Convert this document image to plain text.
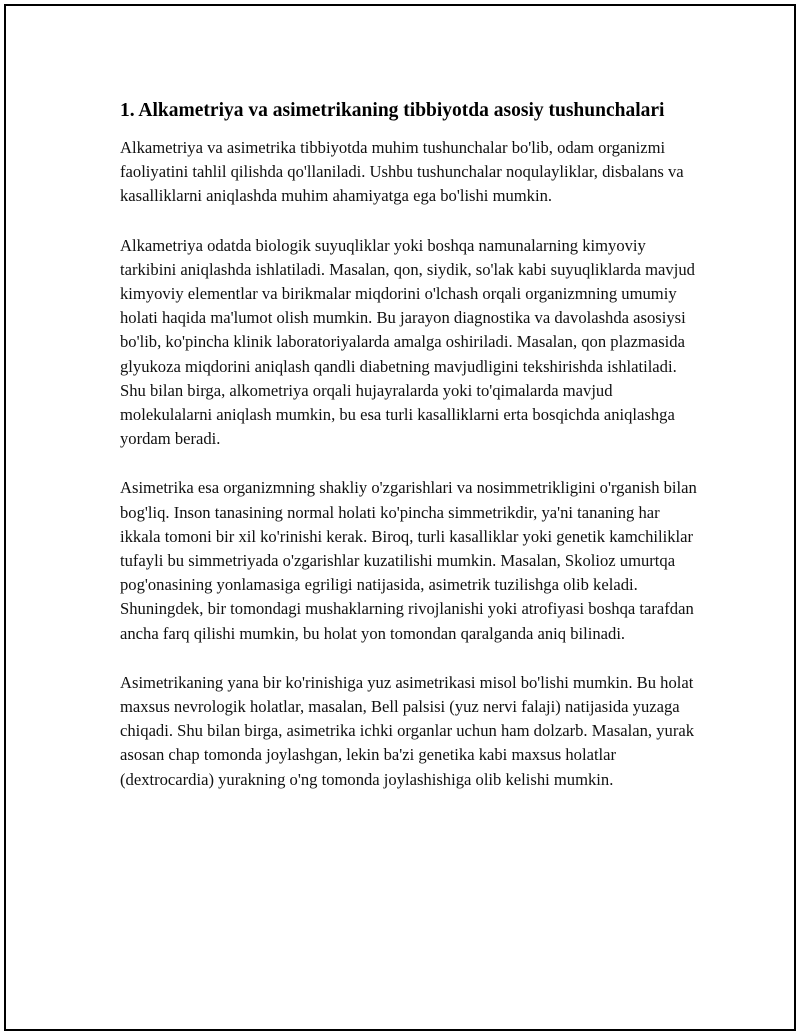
1. Alkametriya va asimetrikaning tibbiyotda asosiy tushunchalari

Alkametriya va asimetrika tibbiyotda muhim tushunchalar bo'lib, odam organizmi faoliyatini tahlil qilishda qo'llaniladi. Ushbu tushunchalar noqulayliklar, disbalans va kasalliklarni aniqlashda muhim ahamiyatga ega bo'lishi mumkin.

Alkametriya odatda biologik suyuqliklar yoki boshqa namunalarning kimyoviy tarkibini aniqlashda ishlatiladi. Masalan, qon, siydik, so'lak kabi suyuqliklarda mavjud kimyoviy elementlar va birikmalar miqdorini o'lchash orqali organizmning umumiy holati haqida ma'lumot olish mumkin. Bu jarayon diagnostika va davolashda asosiysi bo'lib, ko'pincha klinik laboratoriyalarda amalga oshiriladi. Masalan, qon plazmasida glyukoza miqdorini aniqlash qandli diabetning mavjudligini tekshirishda ishlatiladi. Shu bilan birga, alkometriya orqali hujayralarda yoki to'qimalarda mavjud molekulalarni aniqlash mumkin, bu esa turli kasalliklarni erta bosqichda aniqlashga yordam beradi.

Asimetrika esa organizmning shakliy o'zgarishlari va nosimmetrikligini o'rganish bilan bog'liq. Inson tanasining normal holati ko'pincha simmetrikdir, ya'ni tananing har ikkala tomoni bir xil ko'rinishi kerak. Biroq, turli kasalliklar yoki genetik kamchiliklar tufayli bu simmetriyada o'zgarishlar kuzatilishi mumkin. Masalan, Skolioz umurtqa pog'onasining yonlamasiga egriligi natijasida, asimetrik tuzilishga olib keladi. Shuningdek, bir tomondagi mushaklarning rivojlanishi yoki atrofiyasi boshqa tarafdan ancha farq qilishi mumkin, bu holat yon tomondan qaralganda aniq bilinadi.

Asimetrikaning yana bir ko'rinishiga yuz asimetrikasi misol bo'lishi mumkin. Bu holat maxsus nevrologik holatlar, masalan, Bell palsisi (yuz nervi falaji) natijasida yuzaga chiqadi. Shu bilan birga, asimetrika ichki organlar uchun ham dolzarb. Masalan, yurak asosan chap tomonda joylashgan, lekin ba'zi genetika kabi maxsus holatlar (dextrocardia) yurakning o'ng tomonda joylashishiga olib kelishi mumkin.
